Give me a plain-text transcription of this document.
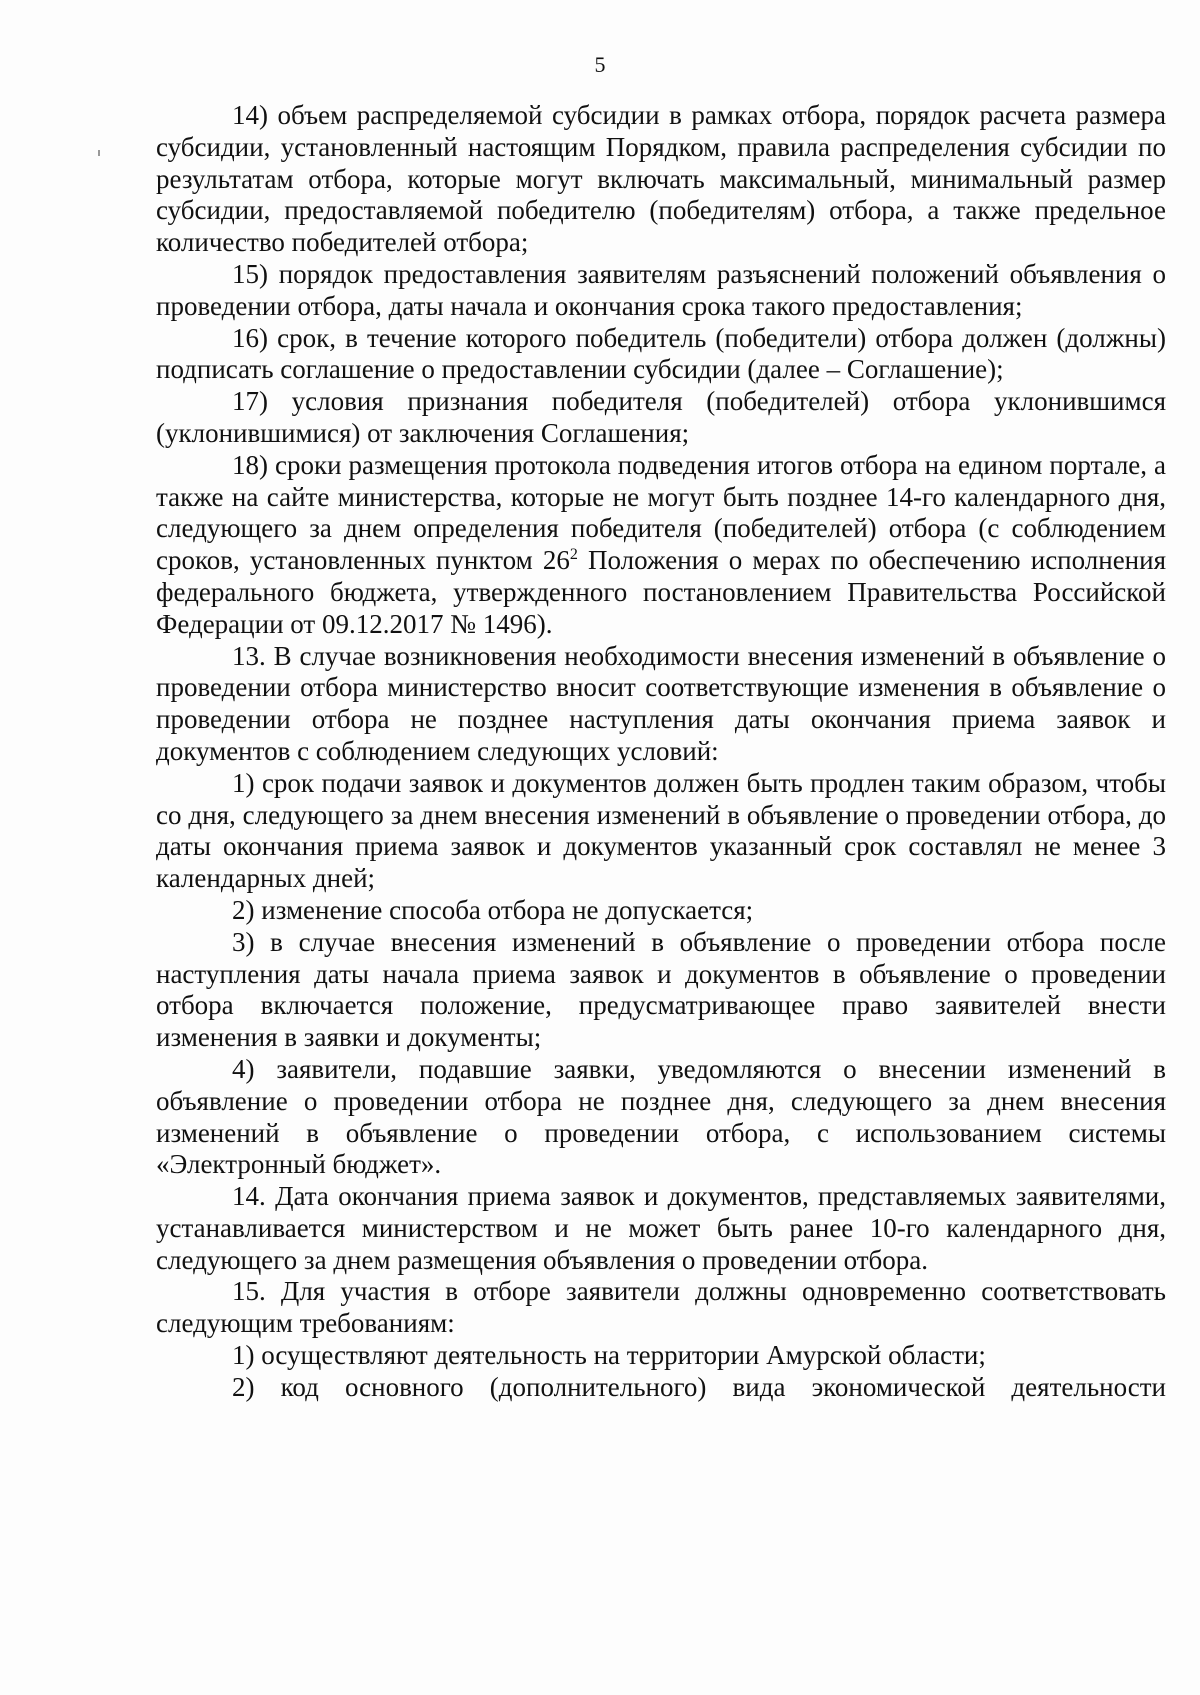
5

14) объем распределяемой субсидии в рамках отбора, порядок расчета размера субсидии, установленный настоящим Порядком, правила распределения субсидии по результатам отбора, которые могут включать максимальный, минимальный размер субсидии, предоставляемой победителю (победителям) отбора, а также предельное количество победителей отбора;

15) порядок предоставления заявителям разъяснений положений объявления о проведении отбора, даты начала и окончания срока такого предоставления;

16) срок, в течение которого победитель (победители) отбора должен (должны) подписать соглашение о предоставлении субсидии (далее – Соглашение);

17) условия признания победителя (победителей) отбора уклонившимся (уклонившимися) от заключения Соглашения;

18) сроки размещения протокола подведения итогов отбора на едином портале, а также на сайте министерства, которые не могут быть позднее 14-го календарного дня, следующего за днем определения победителя (победителей) отбора (с соблюдением сроков, установленных пунктом $26^2$ Положения о мерах по обеспечению исполнения федерального бюджета, утвержденного постановлением Правительства Российской Федерации от 09.12.2017 № 1496).

13. В случае возникновения необходимости внесения изменений в объявление о проведении отбора министерство вносит соответствующие изменения в объявление о проведении отбора не позднее наступления даты окончания приема заявок и документов с соблюдением следующих условий:

1) срок подачи заявок и документов должен быть продлен таким образом, чтобы со дня, следующего за днем внесения изменений в объявление о проведении отбора, до даты окончания приема заявок и документов указанный срок составлял не менее 3 календарных дней;

2) изменение способа отбора не допускается;

3) в случае внесения изменений в объявление о проведении отбора после наступления даты начала приема заявок и документов в объявление о проведении отбора включается положение, предусматривающее право заявителей внести изменения в заявки и документы;

4) заявители, подавшие заявки, уведомляются о внесении изменений в объявление о проведении отбора не позднее дня, следующего за днем внесения изменений в объявление о проведении отбора, с использованием системы «Электронный бюджет».

14. Дата окончания приема заявок и документов, представляемых заявителями, устанавливается министерством и не может быть ранее 10-го календарного дня, следующего за днем размещения объявления о проведении отбора.

15. Для участия в отборе заявители должны одновременно соответствовать следующим требованиям:

1) осуществляют деятельность на территории Амурской области;

2) код основного (дополнительного) вида экономической деятельности
